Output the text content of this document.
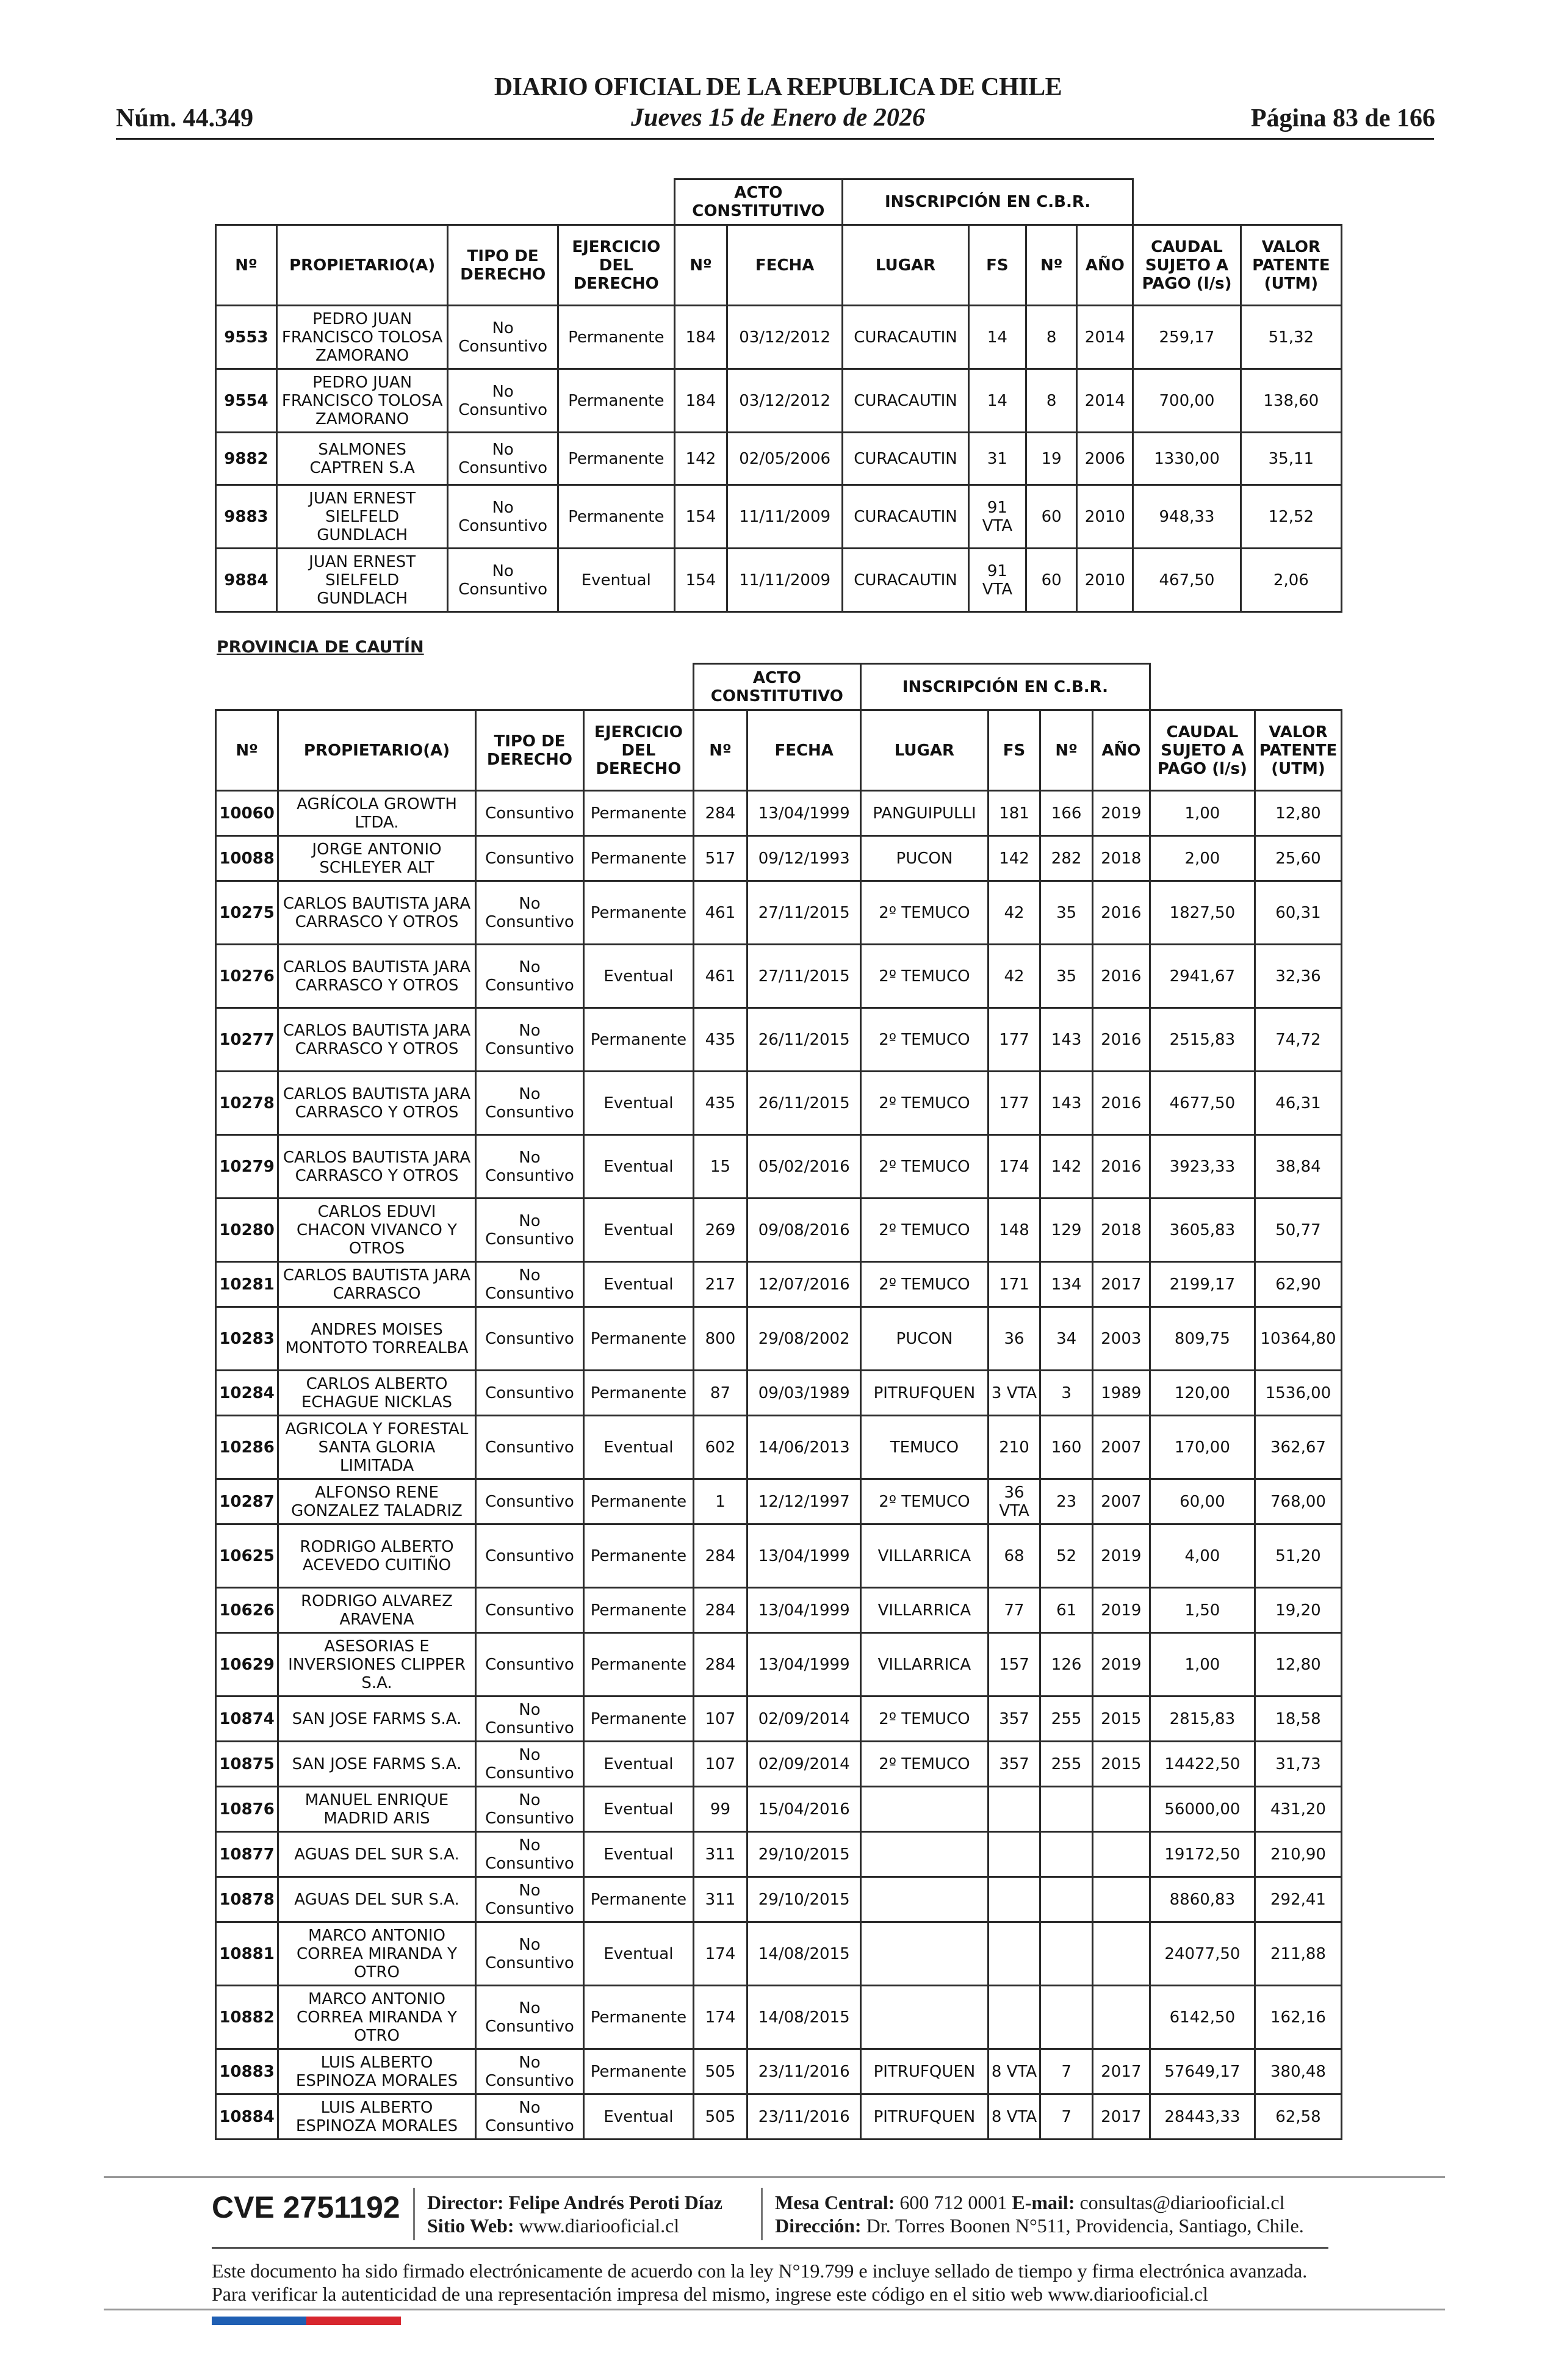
DIARIO OFICIAL DE LA REPUBLICA DE CHILE
Jueves 15 de Enero de 2026
Núm. 44.349	Página 83 de 166
				ACTO CONSTITUTIVO		INSCRIPCIÓN EN C.B.R.					
Nº	PROPIETARIO(A)	TIPO DE DERECHO	EJERCICIO DEL DERECHO	Nº	FECHA	LUGAR	FS	Nº	AÑO	CAUDAL SUJETO A PAGO (l/s)	VALOR PATENTE (UTM)
9553	PEDRO JUAN FRANCISCO TOLOSA ZAMORANO	No Consuntivo	Permanente	184	03/12/2012	CURACAUTIN	14	8	2014	259,17	51,32
9554	PEDRO JUAN FRANCISCO TOLOSA ZAMORANO	No Consuntivo	Permanente	184	03/12/2012	CURACAUTIN	14	8	2014	700,00	138,60
9882	SALMONES CAPTREN S.A	No Consuntivo	Permanente	142	02/05/2006	CURACAUTIN	31	19	2006	1330,00	35,11
9883	JUAN ERNEST SIELFELD GUNDLACH	No Consuntivo	Permanente	154	11/11/2009	CURACAUTIN	91 VTA	60	2010	948,33	12,52
9884	JUAN ERNEST SIELFELD GUNDLACH	No Consuntivo	Eventual	154	11/11/2009	CURACAUTIN	91 VTA	60	2010	467,50	2,06
PROVINCIA DE CAUTÍN
				ACTO CONSTITUTIVO		INSCRIPCIÓN EN C.B.R.					
Nº	PROPIETARIO(A)	TIPO DE DERECHO	EJERCICIO DEL DERECHO	Nº	FECHA	LUGAR	FS	Nº	AÑO	CAUDAL SUJETO A PAGO (l/s)	VALOR PATENTE (UTM)
10060	AGRÍCOLA GROWTH LTDA.	Consuntivo	Permanente	284	13/04/1999	PANGUIPULLI	181	166	2019	1,00	12,80
10088	JORGE ANTONIO SCHLEYER ALT	Consuntivo	Permanente	517	09/12/1993	PUCON	142	282	2018	2,00	25,60
10275	CARLOS BAUTISTA JARA CARRASCO Y OTROS	No Consuntivo	Permanente	461	27/11/2015	2º TEMUCO	42	35	2016	1827,50	60,31
10276	CARLOS BAUTISTA JARA CARRASCO Y OTROS	No Consuntivo	Eventual	461	27/11/2015	2º TEMUCO	42	35	2016	2941,67	32,36
10277	CARLOS BAUTISTA JARA CARRASCO Y OTROS	No Consuntivo	Permanente	435	26/11/2015	2º TEMUCO	177	143	2016	2515,83	74,72
10278	CARLOS BAUTISTA JARA CARRASCO Y OTROS	No Consuntivo	Eventual	435	26/11/2015	2º TEMUCO	177	143	2016	4677,50	46,31
10279	CARLOS BAUTISTA JARA CARRASCO Y OTROS	No Consuntivo	Eventual	15	05/02/2016	2º TEMUCO	174	142	2016	3923,33	38,84
10280	CARLOS EDUVI CHACON VIVANCO Y OTROS	No Consuntivo	Eventual	269	09/08/2016	2º TEMUCO	148	129	2018	3605,83	50,77
10281	CARLOS BAUTISTA JARA CARRASCO	No Consuntivo	Eventual	217	12/07/2016	2º TEMUCO	171	134	2017	2199,17	62,90
10283	ANDRES MOISES MONTOTO TORREALBA	Consuntivo	Permanente	800	29/08/2002	PUCON	36	34	2003	809,75	10364,80
10284	CARLOS ALBERTO ECHAGUE NICKLAS	Consuntivo	Permanente	87	09/03/1989	PITRUFQUEN	3 VTA	3	1989	120,00	1536,00
10286	AGRICOLA Y FORESTAL SANTA GLORIA LIMITADA	Consuntivo	Eventual	602	14/06/2013	TEMUCO	210	160	2007	170,00	362,67
10287	ALFONSO RENE GONZALEZ TALADRIZ	Consuntivo	Permanente	1	12/12/1997	2º TEMUCO	36 VTA	23	2007	60,00	768,00
10625	RODRIGO ALBERTO ACEVEDO CUITIÑO	Consuntivo	Permanente	284	13/04/1999	VILLARRICA	68	52	2019	4,00	51,20
10626	RODRIGO ALVAREZ ARAVENA	Consuntivo	Permanente	284	13/04/1999	VILLARRICA	77	61	2019	1,50	19,20
10629	ASESORIAS E INVERSIONES CLIPPER S.A.	Consuntivo	Permanente	284	13/04/1999	VILLARRICA	157	126	2019	1,00	12,80
10874	SAN JOSE FARMS S.A.	No Consuntivo	Permanente	107	02/09/2014	2º TEMUCO	357	255	2015	2815,83	18,58
10875	SAN JOSE FARMS S.A.	No Consuntivo	Eventual	107	02/09/2014	2º TEMUCO	357	255	2015	14422,50	31,73
10876	MANUEL ENRIQUE MADRID ARIS	No Consuntivo	Eventual	99	15/04/2016					56000,00	431,20
10877	AGUAS DEL SUR S.A.	No Consuntivo	Eventual	311	29/10/2015					19172,50	210,90
10878	AGUAS DEL SUR S.A.	No Consuntivo	Permanente	311	29/10/2015					8860,83	292,41
10881	MARCO ANTONIO CORREA MIRANDA Y OTRO	No Consuntivo	Eventual	174	14/08/2015					24077,50	211,88
10882	MARCO ANTONIO CORREA MIRANDA Y OTRO	No Consuntivo	Permanente	174	14/08/2015					6142,50	162,16
10883	LUIS ALBERTO ESPINOZA MORALES	No Consuntivo	Permanente	505	23/11/2016	PITRUFQUEN	8 VTA	7	2017	57649,17	380,48
10884	LUIS ALBERTO ESPINOZA MORALES	No Consuntivo	Eventual	505	23/11/2016	PITRUFQUEN	8 VTA	7	2017	28443,33	62,58
CVE 2751192 Director: Felipe Andrés Peroti Díaz
Sitio Web: www.diariooficial.cl
Mesa Central: 600 712 0001 E-mail: consultas@diariooficial.cl
Dirección: Dr. Torres Boonen N°511, Providencia, Santiago, Chile.
Este documento ha sido firmado electrónicamente de acuerdo con la ley N°19.799 e incluye sellado de tiempo y firma electrónica avanzada. Para verificar la autenticidad de una representación impresa del mismo, ingrese este código en el sitio web www.diariooficial.cl
